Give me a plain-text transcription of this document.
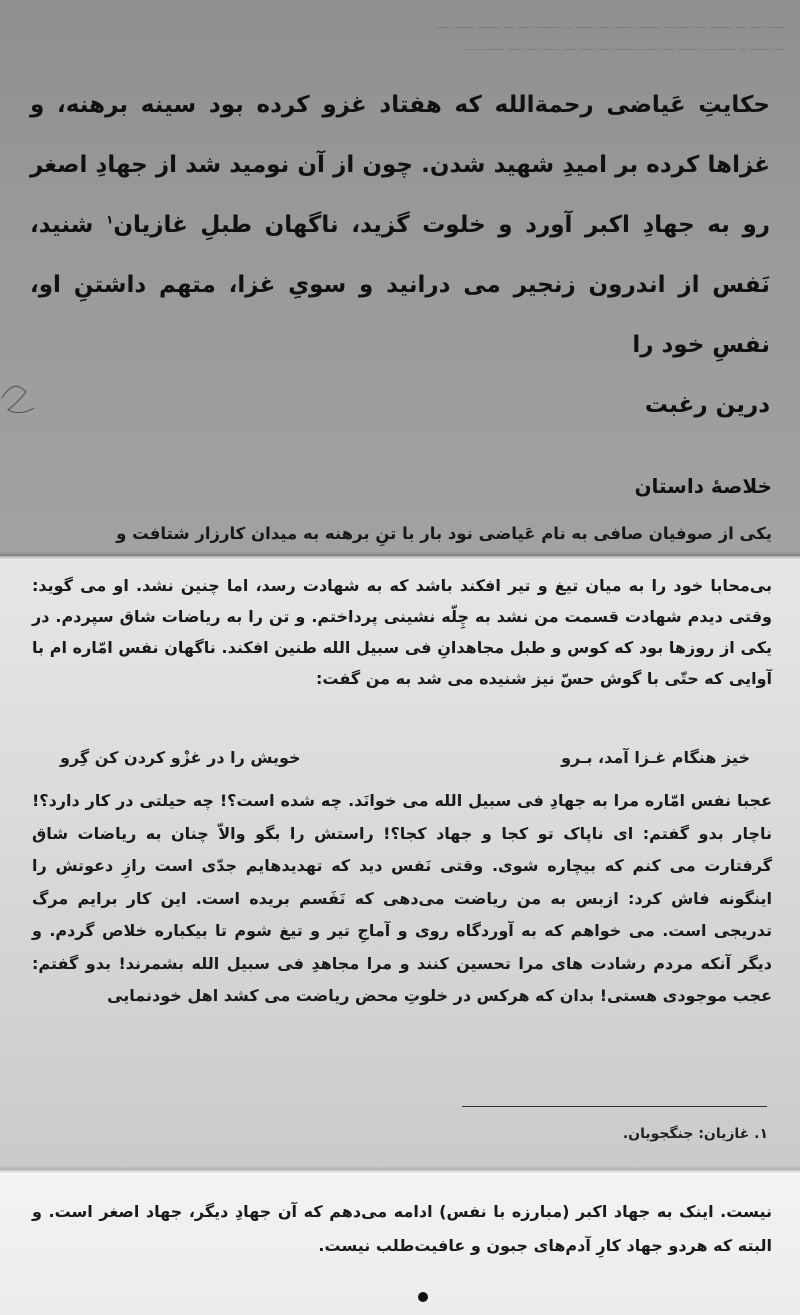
ـــــ ـــــ ـــ ـــــــ ـــ ــــــ ــ ــــــــ ـــــ ـــــ ـــــ ـــ ـــــــ ـــــ ـــ ـــــــ ــــــ ـــــ
ــــ ــــــ ــ ـــــــ ـــ ــــــ ــــ ـــــ ـــــــ ــــ ـــــ ــــ ــــــ ـــ ـــــ ـــــــ ــــ

حکایتِ عَیاضی رحمة‌الله که هفتاد غزو کرده بود سینه برهنه، و غزاها کرده بر امیدِ شهید شدن. چون از آن نومید شد از جهادِ اصغر رو به جهادِ اکبر آورد و خلوت گزید، ناگهان طبلِ غازیان$^۱$ شنید، نَفس از اندرون زنجیر می درانید و سویِ غزا، متهم داشتنِ او، نفسِ خود را
درین رغبت

خلاصهٔ داستان

یکی از صوفیان صافی به نام عَیاضی نود بار با تنِ برهنه به میدان کارزار شتافت و

بی‌محابا خود را به میان تیغ و تیر افکند باشد که به شهادت رسد، اما چنین نشد. او می گوید: وقتی دیدم شهادت قسمت من نشد به چِلّه نشینی پرداختم. و تن را به ریاضات شاق سپردم. در یکی از روزها بود که کوس و طبل مجاهدانِ فی سبیل الله طنین افکند. ناگهان نفس امّاره ام با آوایی که حتّی با گوش حسّ نیز شنیده می شد به من گفت:

خیز هنگام غـزا آمد، بـرو
خویش را در غزْو کردن کن گِرو

عجبا نفس امّاره مرا به جهادِ فی سبیل الله می خوانَد. چه شده است؟! چه حیلتی در کار دارد؟! ناچار بدو گفتم: ای ناپاک تو کجا و جهاد کجا؟! راستش را بگو والاّ چنان به ریاضات شاق گرفتارت می کنم که بیچاره شوی. وقتی نَفس دید که تهدیدهایم جدّی است رازِ دعوتش را اینگونه فاش کرد: ازبس به من ریاضت می‌دهی که نَفَسم بریده است. این کار برایم مرگ تدریجی است. می خواهم که به آوردگاه روی و آماجِ تیر و تیغ شوم تا بیکباره خلاص گردم. و دیگر آنکه مردم رشادت های مرا تحسین کنند و مرا مجاهدِ فی سبیل الله بشمرند! بدو گفتم: عجب موجودی هستی! بدان که هرکس در خلوتِ محض ریاضت می کشد اهل خودنمایی

۱. غازیان: جنگجویان.

نیست. اینک به جهاد اکبر (مبارزه با نفس) ادامه می‌دهم که آن جهادِ دیگر، جهاد اصغر است. و البته که هردو جهاد کارِ آدم‌های جبون و عافیت‌طلب نیست.
